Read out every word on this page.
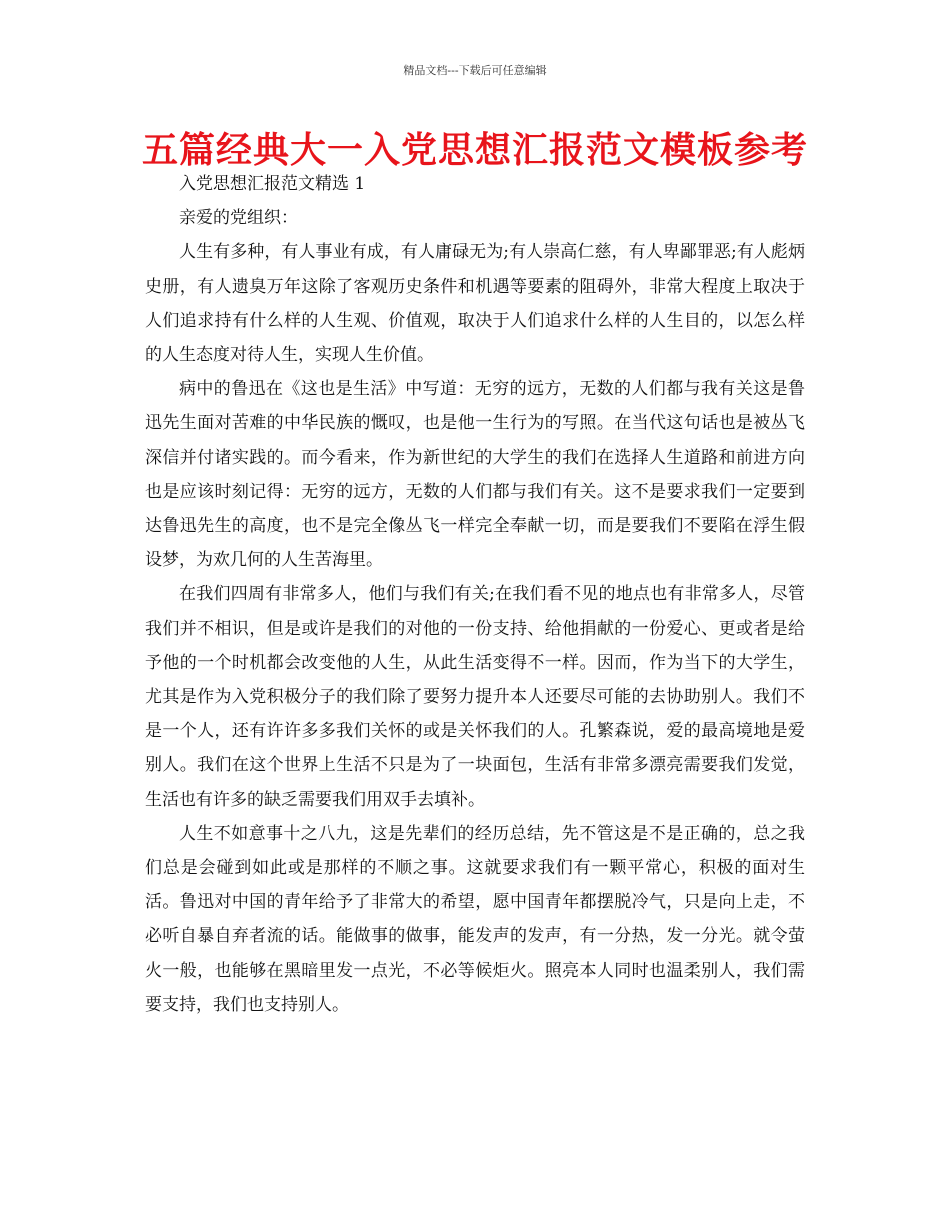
精品文档---下载后可任意编辑
五篇经典大一入党思想汇报范文模板参考

入党思想汇报范文精选 1

亲爱的党组织：

人生有多种，有人事业有成，有人庸碌无为;有人崇高仁慈，有人卑鄙罪恶;有人彪炳史册，有人遗臭万年这除了客观历史条件和机遇等要素的阻碍外，非常大程度上取决于人们追求持有什么样的人生观、价值观，取决于人们追求什么样的人生目的，以怎么样的人生态度对待人生，实现人生价值。

病中的鲁迅在《这也是生活》中写道：无穷的远方，无数的人们都与我有关这是鲁迅先生面对苦难的中华民族的慨叹，也是他一生行为的写照。在当代这句话也是被丛飞深信并付诸实践的。而今看来，作为新世纪的大学生的我们在选择人生道路和前进方向也是应该时刻记得：无穷的远方，无数的人们都与我们有关。这不是要求我们一定要到达鲁迅先生的高度，也不是完全像丛飞一样完全奉献一切，而是要我们不要陷在浮生假设梦，为欢几何的人生苦海里。

在我们四周有非常多人，他们与我们有关;在我们看不见的地点也有非常多人，尽管我们并不相识，但是或许是我们的对他的一份支持、给他捐献的一份爱心、更或者是给予他的一个时机都会改变他的人生，从此生活变得不一样。因而，作为当下的大学生，尤其是作为入党积极分子的我们除了要努力提升本人还要尽可能的去协助别人。我们不是一个人，还有许许多多我们关怀的或是关怀我们的人。孔繁森说，爱的最高境地是爱别人。我们在这个世界上生活不只是为了一块面包，生活有非常多漂亮需要我们发觉，生活也有许多的缺乏需要我们用双手去填补。

人生不如意事十之八九，这是先辈们的经历总结，先不管这是不是正确的，总之我们总是会碰到如此或是那样的不顺之事。这就要求我们有一颗平常心，积极的面对生活。鲁迅对中国的青年给予了非常大的希望，愿中国青年都摆脱冷气，只是向上走，不必听自暴自弃者流的话。能做事的做事，能发声的发声，有一分热，发一分光。就令萤火一般，也能够在黑暗里发一点光，不必等候炬火。照亮本人同时也温柔别人，我们需要支持，我们也支持别人。
